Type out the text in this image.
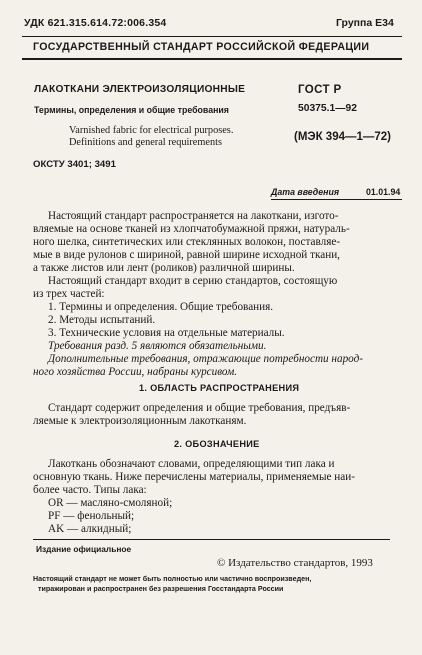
УДК 621.315.614.72:006.354	Группа Е34
ГОСУДАРСТВЕННЫЙ СТАНДАРТ РОССИЙСКОЙ ФЕДЕРАЦИИ
ЛАКОТКАНИ ЭЛЕКТРОИЗОЛЯЦИОННЫЕ
Термины, определения и общие требования
Varnished fabric for electrical purposes.
Definitions and general requirements
ГОСТ Р
50375.1—92
(МЭК 394—1—72)
ОКСТУ 3401; 3491
Дата введения	01.01.94
Настоящий стандарт распространяется на лакоткани, изгото-
вляемые на основе тканей из хлопчатобумажной пряжи, натураль-
ного шелка, синтетических или стеклянных волокон, поставляе-
мые в виде рулонов с шириной, равной ширине исходной ткани,
а также листов или лент (роликов) различной ширины.
Настоящий стандарт входит в серию стандартов, состоящую
из трех частей:
1. Термины и определения. Общие требования.
2. Методы испытаний.
3. Технические условия на отдельные материалы.
Требования разд. 5 являются обязательными.
Дополнительные требования, отражающие потребности народ-
ного хозяйства России, набраны курсивом.
1. ОБЛАСТЬ РАСПРОСТРАНЕНИЯ
Стандарт содержит определения и общие требования, предъяв-
ляемые к электроизоляционным лакотканям.
2. ОБОЗНАЧЕНИЕ
Лакоткань обозначают словами, определяющими тип лака и
основную ткань. Ниже перечислены материалы, применяемые наи-
более часто. Типы лака:
OR — масляно-смоляной;
PF — фенольный;
AK — алкидный;
Издание официальное
© Издательство стандартов, 1993
Настоящий стандарт не может быть полностью или частично воспроизведен,
тиражирован и распространен без разрешения Госстандарта России
